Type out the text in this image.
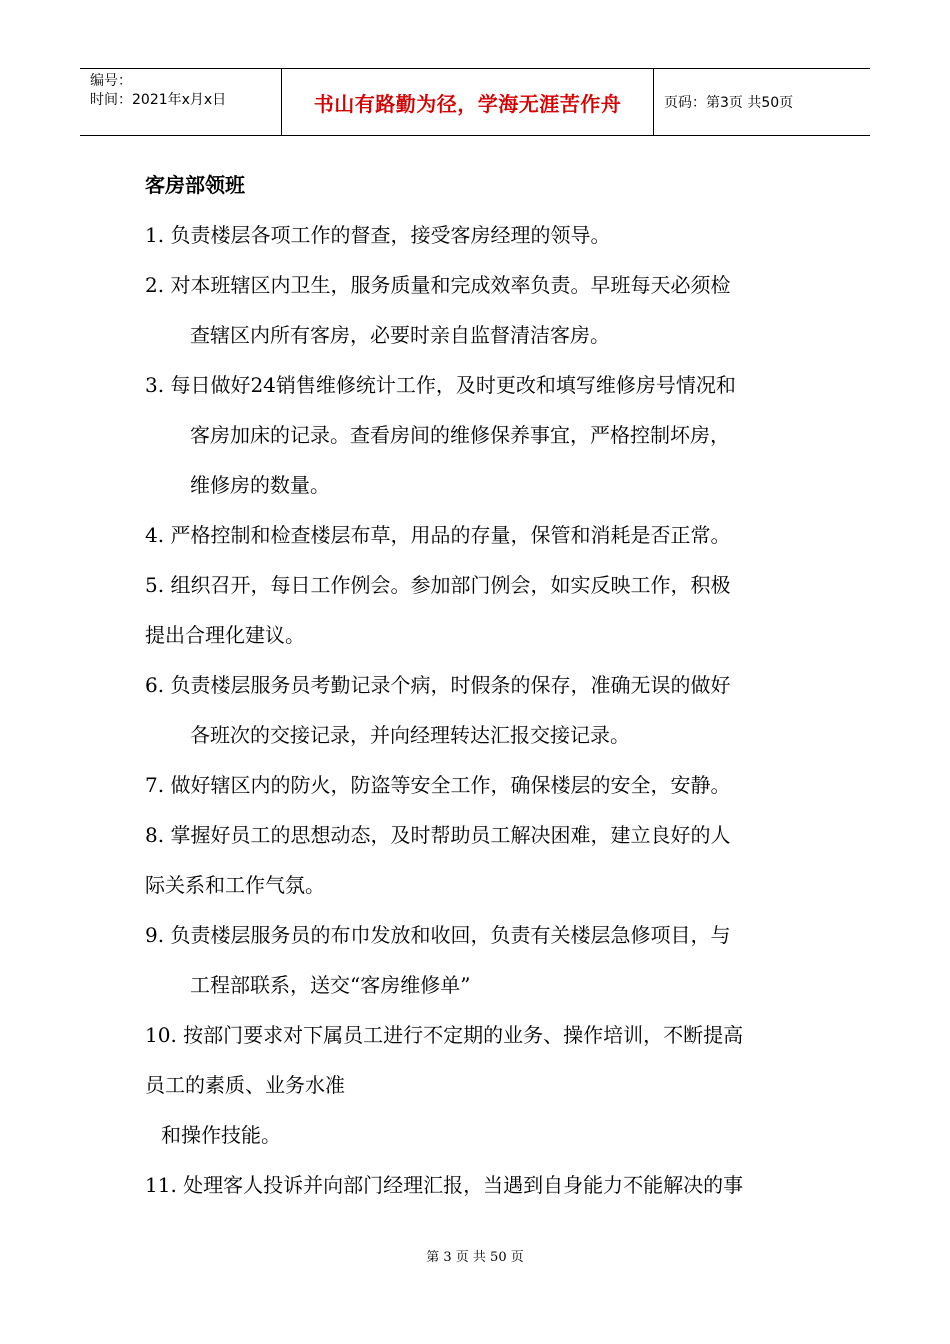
编号：
时间：2021年x月x日	书山有路勤为径，学海无涯苦作舟	页码：第3页 共50页
客房部领班
1. 负责楼层各项工作的督查，接受客房经理的领导。
2. 对本班辖区内卫生，服务质量和完成效率负责。早班每天必须检
查辖区内所有客房，必要时亲自监督清洁客房。
3. 每日做好24销售维修统计工作，及时更改和填写维修房号情况和
客房加床的记录。查看房间的维修保养事宜，严格控制坏房，
维修房的数量。
4. 严格控制和检查楼层布草，用品的存量，保管和消耗是否正常。
5. 组织召开，每日工作例会。参加部门例会，如实反映工作，积极
提出合理化建议。
6. 负责楼层服务员考勤记录个病，时假条的保存，准确无误的做好
各班次的交接记录，并向经理转达汇报交接记录。
7. 做好辖区内的防火，防盗等安全工作，确保楼层的安全，安静。
8. 掌握好员工的思想动态，及时帮助员工解决困难，建立良好的人
际关系和工作气氛。
9. 负责楼层服务员的布巾发放和收回，负责有关楼层急修项目，与
工程部联系，送交“客房维修单”
10. 按部门要求对下属员工进行不定期的业务、操作培训，不断提高
员工的素质、业务水准
和操作技能。
11. 处理客人投诉并向部门经理汇报，当遇到自身能力不能解决的事
第 3 页 共 50 页
